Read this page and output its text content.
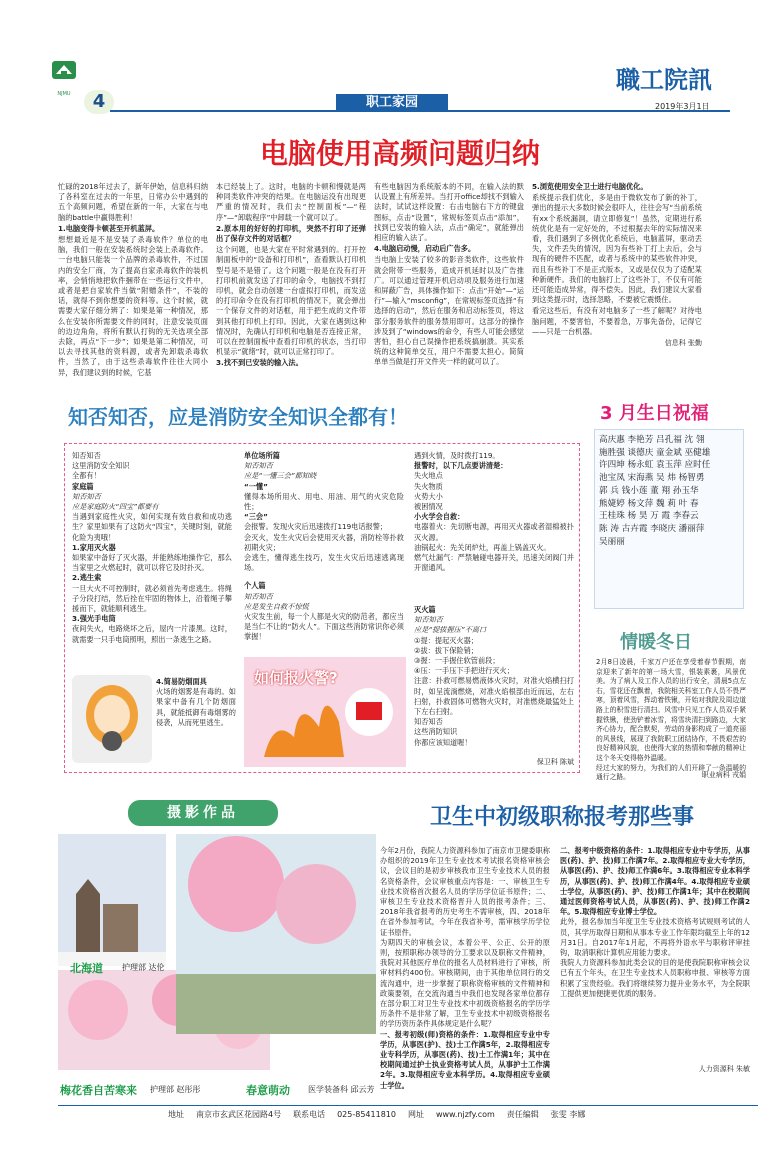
NJMU	4	职工家园
職工院訊
2019年3月1日
电脑使用高频问题归纳

忙碌的2018年过去了，新年伊始，信息科归纳了各科室在过去的一年里，日常办公中遇到的五个高频问题，希望在新的一年，大家在与电脑的battle中赢得胜利！

1.电脑变得卡顿甚至开机蓝屏。

想想最近是不是安装了杀毒软件？单位的电脑，我们一般在安装系统时会装上杀毒软件。一台电脑只能装一个品牌的杀毒软件，不过国内的安全厂商，为了提高自家杀毒软件的装机率，会悄悄地把软件捆带在一些运行文件中，或者是把自家软件当做“附赠条件”，不装的话，就得不到你想要的资料等。这个时候，就需要大家仔细分辨了：如果是第一种情况，那么在安装你所需要文件的同时，注意安装页面的边边角角，将所有默认打钩的无关选项全部去除，再点“下一步”；如果是第二种情况，可以去寻找其他的资料源，或者先卸载杀毒软件，当然了，由于这些杀毒软件往往大同小异，我们建议到的时候，它基

本已经装上了。这时，电脑的卡顿和慢就是两种同类软件冲突的结果。在电脑运没有出现更严重的情况时，我们去“控制面板”—“程序”—“卸载程序”中卸载一个就可以了。

2.原本用的好好的打印机，突然不打印了还弹出了保存文件的对话框？

这个问题，也是大家在平时常遇到的。打开控制面板中的“设备和打印机”，查看默认打印机型号是不是错了。这个问题一般是在没有打开打印机前就发送了打印的命令，电脑找不到打印机，就会自动创建一台虚拟打印机，而发送的打印命令在没有打印机的情况下，就会弹出一个保存文件的对话框，用于把生成的文件带到其他打印机上打印。因此，大家在遇到这种情况时，先确认打印机和电脑是否连接正常，可以在控制面板中查看打印机的状态，当打印机显示“就绪”时，就可以正常打印了。

3.找不到已安装的输入法。

有些电脑因为系统版本的不同，在输入法的默认设置上有所差异。当打开office却找不到输入法时，试试这样设置：右击电脑右下方的键盘图标，点击“设置”，常规标签页点击“添加”，找到已安装的输入法，点击“确定”，就能弹出相应的输入法了。

4.电脑启动慢，启动后广告多。

当电脑上安装了较多的影音类软件，这些软件就会附带一些服务，造成开机延时以及广告推广。可以通过管理开机启动项及服务进行加速和屏蔽广告，具体操作如下：点击“开始”—“运行”—输入“msconfig”，在常规标签页选择“有选择的启动”，然后在服务和启动标签页，将这部分服务软件的服务禁用即可。这部分的操作涉及到了“windows的命令，有些人可能会感觉害怕，担心自己误操作把系统搞崩溃。其实系统的这种简单交互，用户不需要太担心。简简单单当做是打开文件夹一样的就可以了。

5.浏览使用安全卫士进行电脑优化。

系统提示我们优化，多是由于微软发布了新的补丁，弹出的提示大多数时候会很吓人，往往会写“当前系统有xx个系统漏洞，请立即修复”！虽然，定期进行系统优化是有一定好处的，不过根据去年的实际情况来看，我们遇到了多例优化系统后，电脑蓝屏，驱动丢失，文件丢失的情况，因为有些补丁打上去后，会与现有的硬件不匹配，或者与系统中的某些软件冲突，而且有些补丁不是正式版本，又或是仅仅为了适配某种新硬件。我们的电脑打上了这些补丁，不仅有可能还可能造成异常，得不偿失。因此，我们建议大家看到这类提示时，选择忽略，不要被它震慑住。

看完这些后，有没有对电脑多了一些了解呢？对待电脑问题，不要害怕，不要着急，万事先备份，记得它——只是一台机器。

信息科 张勤

知否知否，应是消防安全知识全都有！

知否知否

这里消防安全知识

全都有！

家庭篇

知否知否

应是家庭防火“四宝”都要有

当遇到家庭性火灾，如何实现有效自救和成功逃生？家里如果有了这防火“四宝”，关键时刻，就能化险为夷哦！

1.家用灭火器

如果家中备好了灭火器，并能熟练地操作它，那么当家里之火燃起时，就可以将它及时扑灭。

2.逃生索

一旦大火不可控制时，就必须首先考虑逃生。将绳子分段打结，然后拴在牢固的物体上，沿着绳子攀援而下，就能顺利逃生。

3.强光手电筒

夜间失火，电路烧坏之后，屋内一片漆黑。这时，就需要一只手电筒照明，照出一条逃生之路。

4.简易防烟面具

火场的烟雾是有毒的。如果家中备有几个防烟面具，就能抵御有毒烟雾的侵袭，从而死里逃生。

单位场所篇

知否知否

应是“一懂三会”都知晓

“一懂”

懂得本场所用火、用电、用油、用气的火灾危险性；

“三会”

会报警。发现火灾后迅速拨打119电话报警；

会灭火，发生火灾后会使用灭火器，消防栓等扑救初期火灾；

会逃生，懂得逃生技巧，发生火灾后迅速逃离现场。

个人篇

知否知否

应是发生自救不惊慌

火灾发生前，每一个人都是火灾的防范者，都应当是当仁不让的“防火人”。下面这些消防常识你必须掌握！

如何报火警?

遇到火情，及时拨打119。

报警时，以下几点要讲清楚：

失火地点

失火物质

火势大小

被困情况

小火学会自救：

电器着火：先切断电源，再用灭火器或者湿棉被扑灭火源。

油锅起火：先关闭炉灶，再盖上锅盖灭火。

燃气灶漏气：严禁触碰电器开关，迅速关闭阀门并开窗通风。

灭火篇

知否知否

应是“提拔握压”不离口

①提：提起灭火器；

②拔：拔下保险销；

③握：一手握住软管前段；

④压：一手压下手把进行灭火；

注意：扑救可燃易燃液体火灾时，对准火焰横扫打时，如呈流淌燃烧，对准火焰根部由近而远，左右扫射，扑救固体可燃物火灾时，对准燃烧最猛处上下左右扫射。

知否知否

这些消防知识

你都应该知道喔！

保卫科 陈斌
3 月生日祝福
高庆惠 李艳芳 吕孔福 沈 翎
施胜强 谈德庆 童金斌 巫健雄
许四坤 杨永虹 袁玉萍 应时任
池宝凤 宋海燕 吴 炜 杨智勇
郭 兵 钱小莲 董 翔 孙玉华
熊婕婷 杨文萍 魏 莉 叶 春
王桂珠 杨 昊 万 霞 李春云
陈 涛 古卉霞 李晓庆 潘丽萍
吴丽丽
情暖冬日

2月8日凌晨，千家万户还在享受着春节假期，南京迎来了新年的第一场大雪，银装素裹，风景优美。为了病人及工作人员的出行安全，清晨5点左右，雪花还在飘着，我院相关科室工作人员不畏严寒，顶着风雪，挥动着铁锹，开始对我院及周边道路上的积雪进行清扫。风雪中只见工作人员双手紧握铁锹，使劲铲着冰雪，将雪块清扫到路边，大家齐心协力，配合默契，劳动的身影构成了一道亮丽的风景线，展现了我院职工团结协作，不畏艰苦的良好精神风貌，也使得大家的热情和奉献的精神让这个冬天变得格外温暖。

经过大家的努力，为我们的人们开辟了一条温暖的通行之路。	职业病科 戎娟
摄影作品
北海道 护理部 达伦
梅花香自苦寒来 护理部 赵彤彤	春意萌动 医学装备科 邱云芳
卫生中初级职称报考那些事

今年2月份，我院人力资源科参加了南京市卫健委职称办组织的2019年卫生专业技术考试报名资格审核会议，会议目的是初步审核我市卫生专业技术人员的报名资格条件，会议审核重点内容是：一、审核卫生专业技术资格首次报名人员的学历学位证书原件；二、审核卫生专业技术资格晋升人员的报考条件；三、2018年我省报考的历史考生不需审核，四、2018年在省外参加考试，今年在我省补考，需审核学历学位证书原件。

为期四天的审核会议，本着公平、公正、公开的原则，按照职称办领导的分工要求以及职称文件精神，我院对其他医疗单位的报名人员材料进行了审核，所审材料约400份。审核期间，由于其他单位同行的交流沟通中，进一步掌握了职称资格审核的文件精神和政策要领，在交流沟通当中我们也发现各家单位都存在部分职工对卫生专业技术中初级资格报名的学历学历条件不是非常了解，卫生专业技术中初级资格报名的学历资历条件具体规定是什么呢？

一、报考初级(师)资格的条件：1.取得相应专业中专学历，从事医(护)、技)士工作满5年，2.取得相应专业专科学历，从事医(药)、技)士工作满1年；其中在校期间通过护士执业资格考试人员，从事护士工作满2年。3.取得相应专业本科学历。4.取得相应专业硕士学位。

二、报考中级资格的条件：1.取得相应专业中专学历，从事医(药)、护、技)师工作满7年。2.取得相应专业大专学历，从事医(药)、护、技)师工作满6年。3.取得相应专业本科学历，从事医(药)、护、技)师工作满4年。4.取得相应专业硕士学位，从事医(药)、护、技)师工作满1年；其中在校期间通过医师资格考试人员，从事医(药)、护、技)师工作满2年。5.取得相应专业博士学位。

此外，报名参加当年度卫生专业技术资格考试规则考试的人员，其学历取得日期和从事本专业工作年限均截至上年的12月31日。自2017年1月起，不再将外语水平与职称评审挂钩，取消职称计算机应用能力要求。

我院人力资源科参加此类会议的目的是使我院职称审核会议已有五个年头，在卫生专业技术人员职称申报、审核等方面积累了宝贵经验。我们将继续努力提升业务水平，为全院职工提供更加便捷更优质的服务。

人力资源科 朱敏
地址 南京市玄武区花园路4号 联系电话 025-85411810 网址 www.njzfy.com 责任编辑 张雯 李娜
